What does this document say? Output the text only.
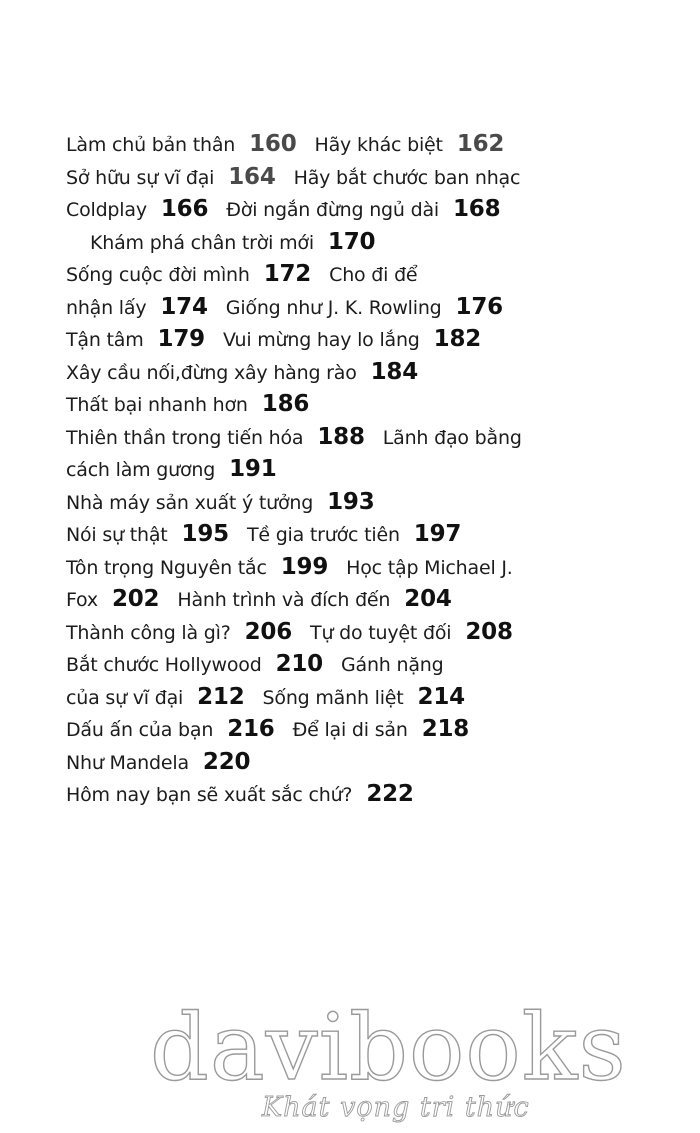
Làm chủ bản thân 160 Hãy khác biệt 162
Sở hữu sự vĩ đại 164 Hãy bắt chước ban nhạc
Coldplay 166 Đời ngắn đừng ngủ dài 168
Khám phá chân trời mới 170
Sống cuộc đời mình 172 Cho đi để
nhận lấy 174 Giống như J. K. Rowling 176
Tận tâm 179 Vui mừng hay lo lắng 182
Xây cầu nối,đừng xây hàng rào 184
Thất bại nhanh hơn 186
Thiên thần trong tiến hóa 188 Lãnh đạo bằng
cách làm gương 191
Nhà máy sản xuất ý tưởng 193
Nói sự thật 195 Tề gia trước tiên 197
Tôn trọng Nguyên tắc 199 Học tập Michael J.
Fox 202 Hành trình và đích đến 204
Thành công là gì? 206 Tự do tuyệt đối 208
Bắt chước Hollywood 210 Gánh nặng
của sự vĩ đại 212 Sống mãnh liệt 214
Dấu ấn của bạn 216 Để lại di sản 218
Như Mandela 220
Hôm nay bạn sẽ xuất sắc chứ? 222
davibooks
Khát vọng tri thức
